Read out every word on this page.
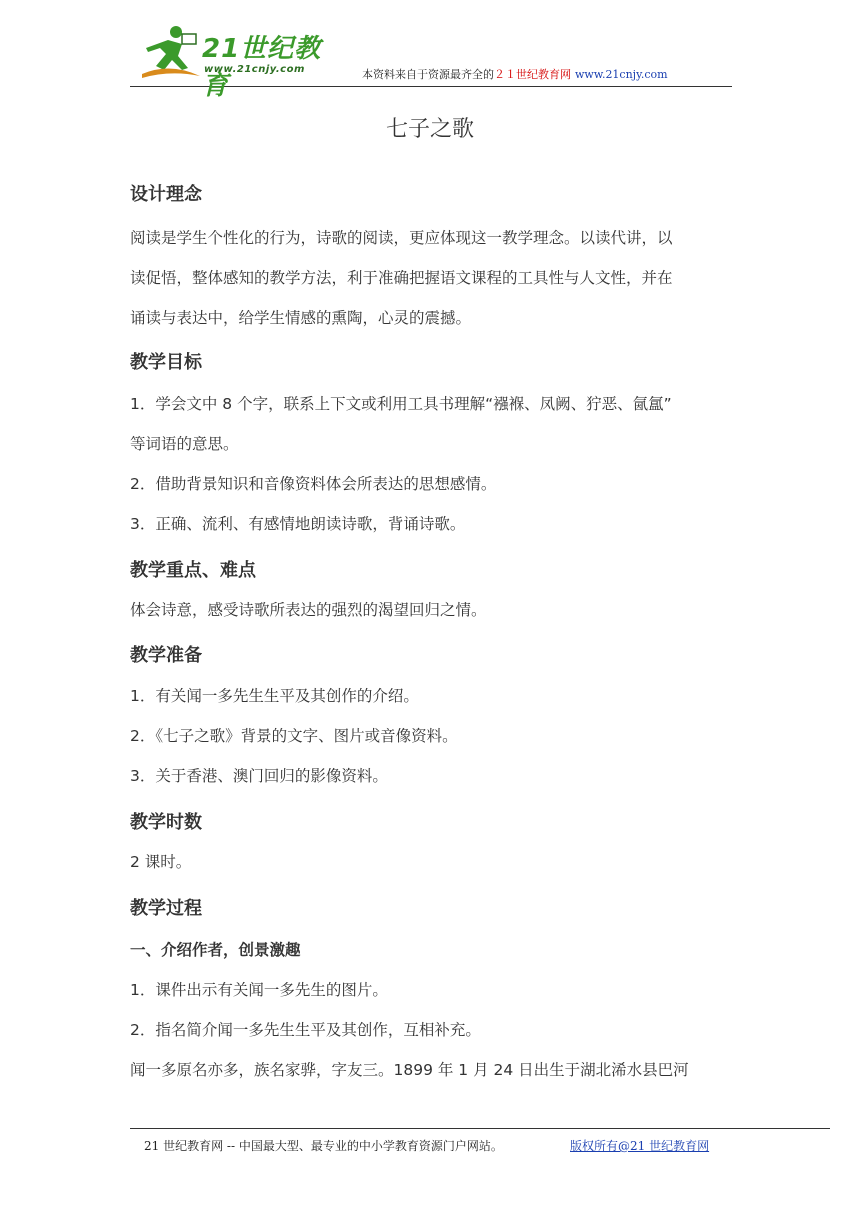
21世纪教育
www.21cnjy.com	本资料来自于资源最齐全的２１世纪教育网 www.21cnjy.com
七子之歌
设计理念
阅读是学生个性化的行为，诗歌的阅读，更应体现这一教学理念。以读代讲，以
读促悟，整体感知的教学方法，利于准确把握语文课程的工具性与人文性，并在
诵读与表达中，给学生情感的熏陶，心灵的震撼。
教学目标
1．学会文中 8 个字，联系上下文或利用工具书理解“襁褓、凤阙、狞恶、氤氲”
等词语的意思。
2．借助背景知识和音像资料体会所表达的思想感情。
3．正确、流利、有感情地朗读诗歌，背诵诗歌。
教学重点、难点
体会诗意，感受诗歌所表达的强烈的渴望回归之情。
教学准备
1．有关闻一多先生生平及其创作的介绍。
2．《七子之歌》背景的文字、图片或音像资料。
3．关于香港、澳门回归的影像资料。
教学时数
2 课时。
教学过程
一、介绍作者，创景激趣
1．课件出示有关闻一多先生的图片。
2．指名简介闻一多先生生平及其创作，互相补充。
闻一多原名亦多，族名家骅，字友三。1899 年 1 月 24 日出生于湖北浠水县巴河
21 世纪教育网 -- 中国最大型、最专业的中小学教育资源门户网站。	版权所有@21 世纪教育网
